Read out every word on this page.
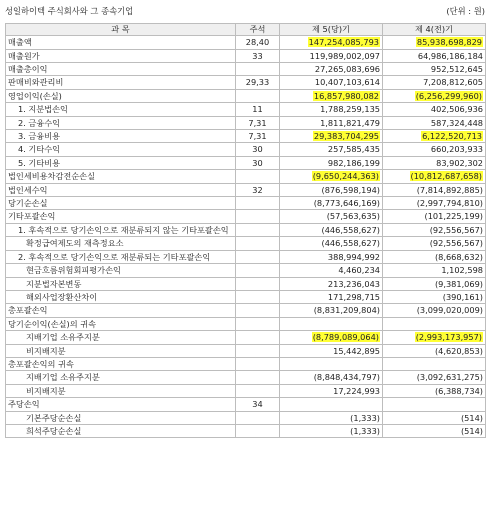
성일하이텍 주식회사와 그 종속기업	(단위 : 원)
과 목	주석	제 5(당)기	제 4(전)기
매출액	28,40	147,254,085,793	85,938,698,829
매출원가	33	119,989,002,097	64,986,186,184
매출총이익		27,265,083,696	952,512,645
판매비와관리비	29,33	10,407,103,614	7,208,812,605
영업이익(손실)		16,857,980,082	(6,256,299,960)
1. 지분법손익	11	1,788,259,135	402,506,936
2. 금융수익	7,31	1,811,821,479	587,324,448
3. 금융비용	7,31	29,383,704,295	6,122,520,713
4. 기타수익	30	257,585,435	660,203,933
5. 기타비용	30	982,186,199	83,902,302
법인세비용차감전순손실		(9,650,244,363)	(10,812,687,658)
법인세수익	32	(876,598,194)	(7,814,892,885)
당기순손실		(8,773,646,169)	(2,997,794,810)
기타포괄손익		(57,563,635)	(101,225,199)
1. 후속적으로 당기손익으로 재분류되지 않는 기타포괄손익		(446,558,627)	(92,556,567)
확정급여제도의 재측정요소		(446,558,627)	(92,556,567)
2. 후속적으로 당기손익으로 재분류되는 기타포괄손익		388,994,992	(8,668,632)
현금흐름위험회피평가손익		4,460,234	1,102,598
지분법자본변동		213,236,043	(9,381,069)
해외사업장환산차이		171,298,715	(390,161)
총포괄손익		(8,831,209,804)	(3,099,020,009)
당기순이익(손실)의 귀속			
지배기업 소유주지분		(8,789,089,064)	(2,993,173,957)
비지배지분		15,442,895	(4,620,853)
총포괄손익의 귀속			
지배기업 소유주지분		(8,848,434,797)	(3,092,631,275)
비지배지분		17,224,993	(6,388,734)
주당손익	34		
기본주당순손실		(1,333)	(514)
희석주당순손실		(1,333)	(514)
